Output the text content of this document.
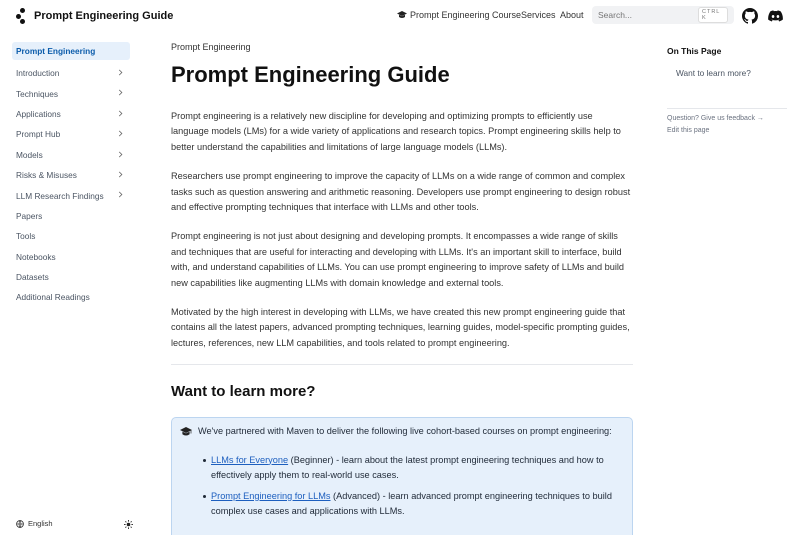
Prompt Engineering Guide	Prompt Engineering Course Services About
Search...	CTRL K
Prompt Engineering
Introduction
Techniques
Applications
Prompt Hub
Models
Risks & Misuses
LLM Research Findings
Papers
Tools
Notebooks
Datasets
Additional Readings
English
Prompt Engineering
Prompt Engineering Guide

Prompt engineering is a relatively new discipline for developing and optimizing prompts to efficiently use language models (LMs) for a wide variety of applications and research topics. Prompt engineering skills help to better understand the capabilities and limitations of large language models (LLMs).

Researchers use prompt engineering to improve the capacity of LLMs on a wide range of common and complex tasks such as question answering and arithmetic reasoning. Developers use prompt engineering to design robust and effective prompting techniques that interface with LLMs and other tools.

Prompt engineering is not just about designing and developing prompts. It encompasses a wide range of skills and techniques that are useful for interacting and developing with LLMs. It's an important skill to interface, build with, and understand capabilities of LLMs. You can use prompt engineering to improve safety of LLMs and build new capabilities like augmenting LLMs with domain knowledge and external tools.

Motivated by the high interest in developing with LLMs, we have created this new prompt engineering guide that contains all the latest papers, advanced prompting techniques, learning guides, model-specific prompting guides, lectures, references, new LLM capabilities, and tools related to prompt engineering.

Want to learn more?
We've partnered with Maven to deliver the following live cohort-based courses on prompt engineering:
LLMs for Everyone (Beginner) - learn about the latest prompt engineering techniques and how to effectively apply them to real-world use cases.
Prompt Engineering for LLMs (Advanced) - learn advanced prompt engineering techniques to build complex use cases and applications with LLMs.
On This Page
Want to learn more?
Question? Give us feedback →
Edit this page
